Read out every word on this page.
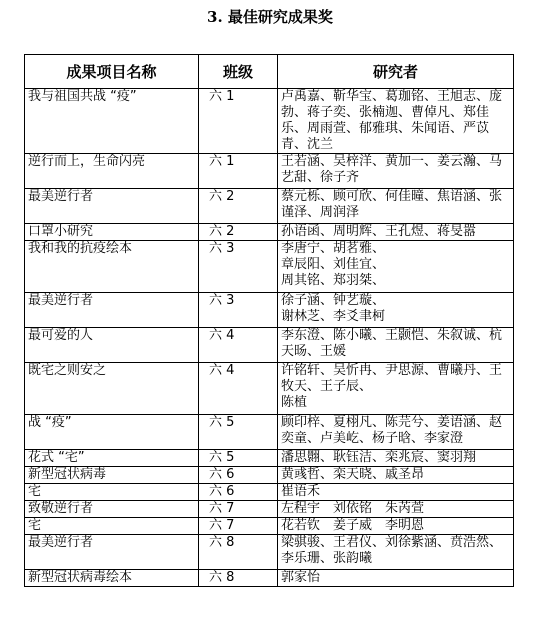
3. 最佳研究成果奖
成果项目名称	班级	研究者
我与祖国共战 “疫”	六 1	卢禹嘉、靳华宝、葛珈铭、王旭志、庞勃、蒋子奕、张楠迦、曹倬凡、郑佳乐、周雨萱、郁雅琪、朱闻语、严苡青、沈兰
逆行而上，生命闪亮	六 1	王若涵、吴梓洋、黄加一、姜云瀚、马艺甜、徐子齐
最美逆行者	六 2	蔡元栎、顾可欣、何佳曈、焦语涵、张谨泽、周润泽
口罩小研究	六 2	孙语函、周明辉、王孔煜、蒋旻嚣
我和我的抗疫绘本	六 3	李唐宁、胡茗雅、
章辰阳、刘佳宜、
周其铭、郑羽桀、
最美逆行者	六 3	徐子涵、钟艺璇、
谢林芝、李爻聿柯
最可爱的人	六 4	李东澄、陈小曦、王颢恺、朱叙诚、杭天旸、王媛
既宅之则安之	六 4	许铭轩、吴忻冉、尹思源、曹曦丹、王牧天、王子辰、
陈植
战 “疫”	六 5	顾印梓、夏栩凡、陈芫兮、姜语涵、赵奕童、卢美屹、杨子晗、李家澄
花式 “宅”	六 5	潘思翾、耿钰洁、栾兆宸、窦羽翔
新型冠状病毒	六 6	黄彧哲、栾天晓、戚圣昂
宅	六 6	崔语禾
致敬逆行者	六 7	左程宇　刘依铭　朱芮萱
宅	六 7	花若钦　姜子威　李明恩
最美逆行者	六 8	梁骐骏、王君仪、刘徐紫涵、贲浩然、李乐珊、张韵曦
新型冠状病毒绘本	六 8	郭家怡
